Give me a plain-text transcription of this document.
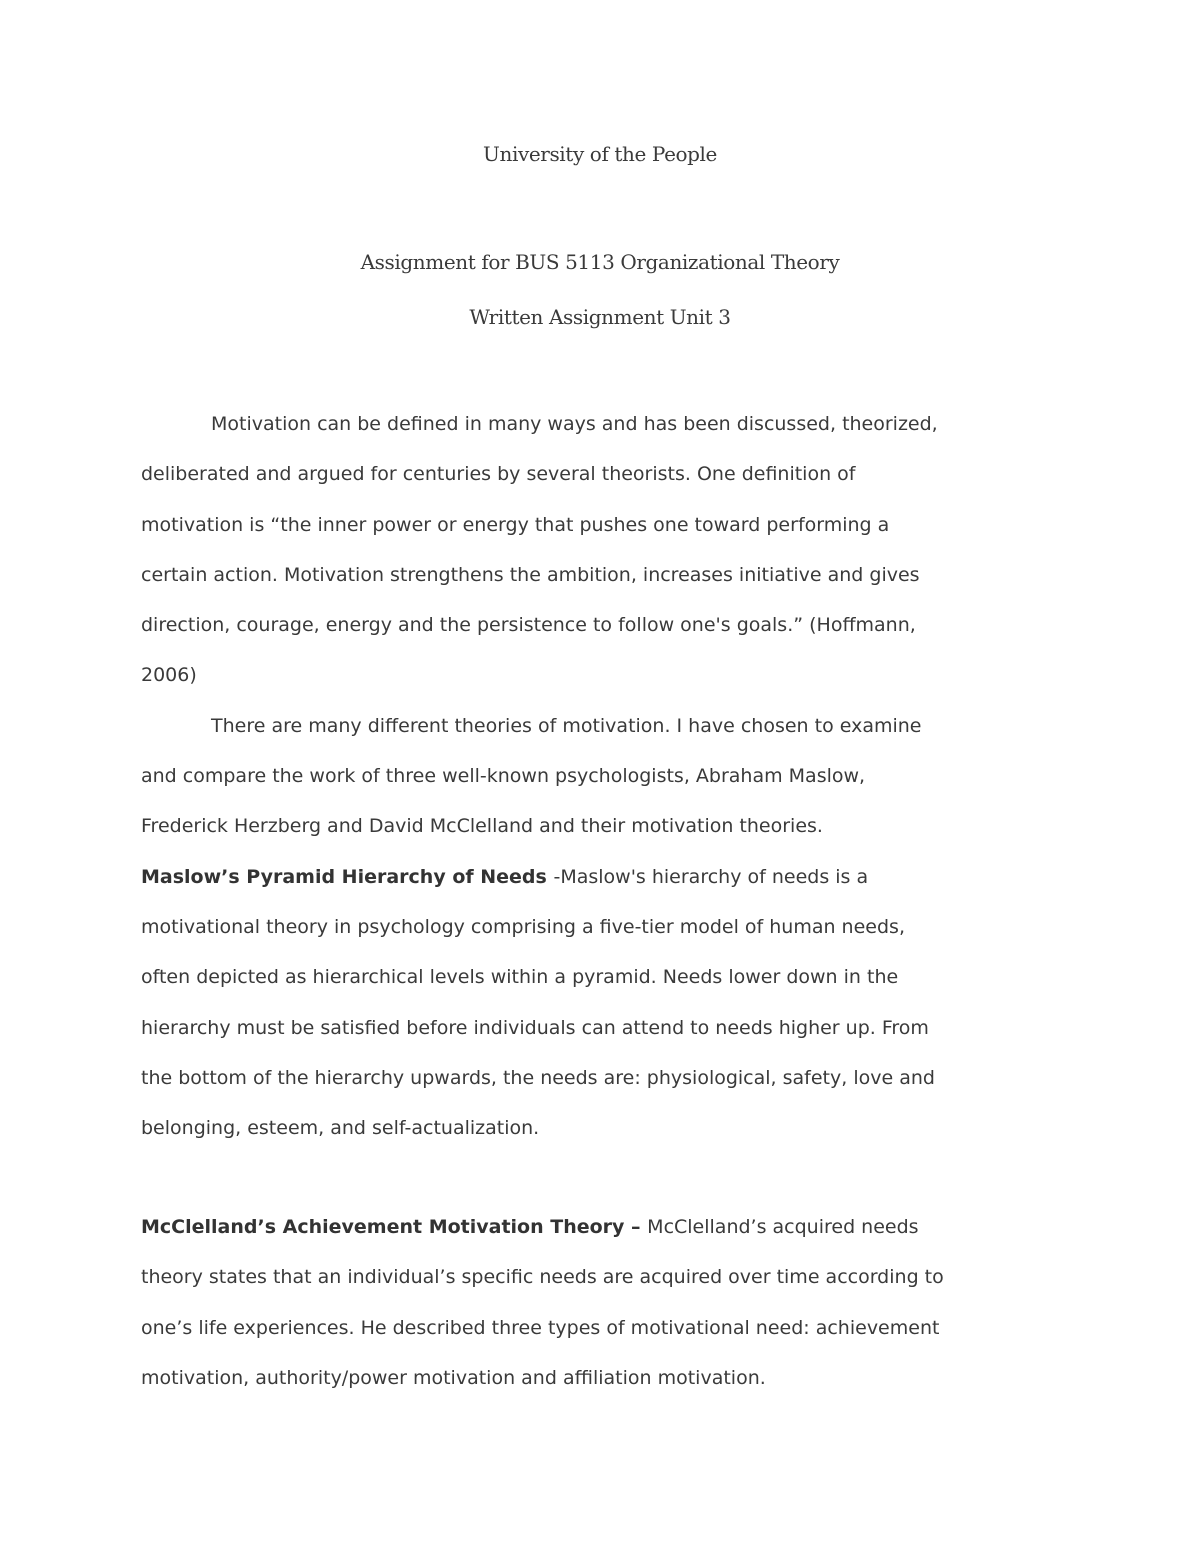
University of the People
Assignment for BUS 5113 Organizational Theory
Written Assignment Unit 3
Motivation can be defined in many ways and has been discussed, theorized,
deliberated and argued for centuries by several theorists. One definition of
motivation is “the inner power or energy that pushes one toward performing a
certain action. Motivation strengthens the ambition, increases initiative and gives
direction, courage, energy and the persistence to follow one's goals.” (Hoffmann,
2006)
There are many different theories of motivation. I have chosen to examine
and compare the work of three well-known psychologists, Abraham Maslow,
Frederick Herzberg and David McClelland and their motivation theories.
Maslow’s Pyramid Hierarchy of Needs -Maslow's hierarchy of needs is a
motivational theory in psychology comprising a five-tier model of human needs,
often depicted as hierarchical levels within a pyramid. Needs lower down in the
hierarchy must be satisfied before individuals can attend to needs higher up. From
the bottom of the hierarchy upwards, the needs are: physiological, safety, love and
belonging, esteem, and self-actualization.
McClelland’s Achievement Motivation Theory – McClelland’s acquired needs
theory states that an individual’s specific needs are acquired over time according to
one’s life experiences. He described three types of motivational need: achievement
motivation, authority/power motivation and affiliation motivation.
